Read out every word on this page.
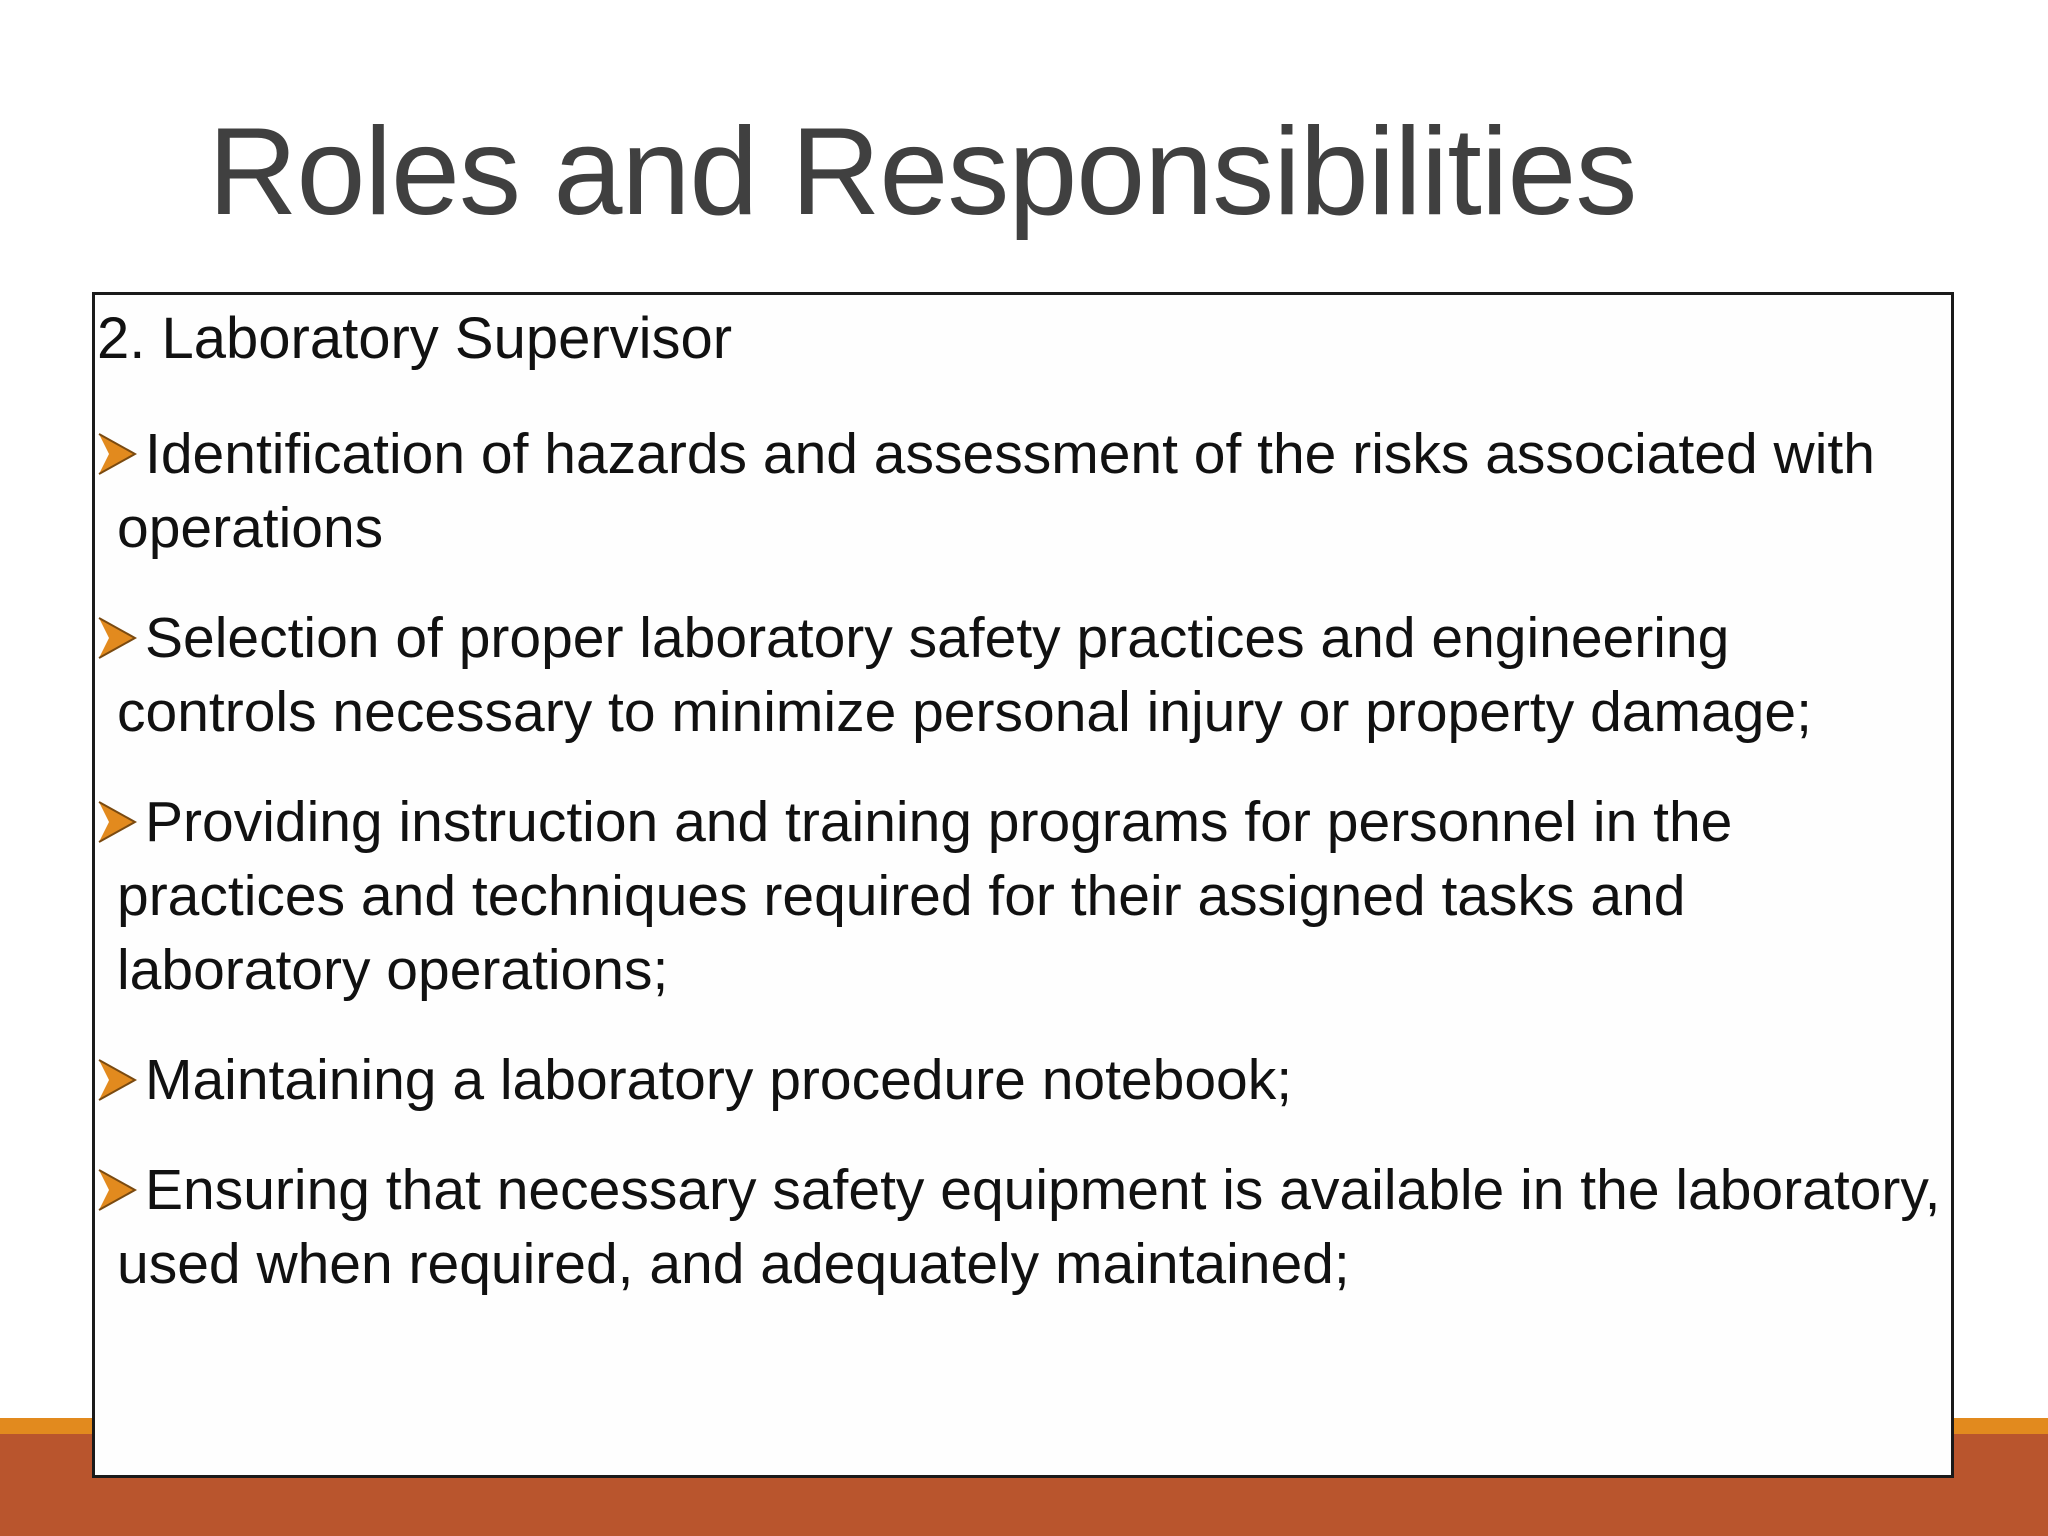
Roles and Responsibilities

2. Laboratory Supervisor

Identification of hazards and assessment of the risks associated with operations
Selection of proper laboratory safety practices and engineering controls necessary to minimize personal injury or property damage;
Providing instruction and training programs for personnel in the practices and techniques required for their assigned tasks and laboratory operations;
Maintaining a laboratory procedure notebook;
Ensuring that necessary safety equipment is available in the laboratory, used when required, and adequately maintained;
